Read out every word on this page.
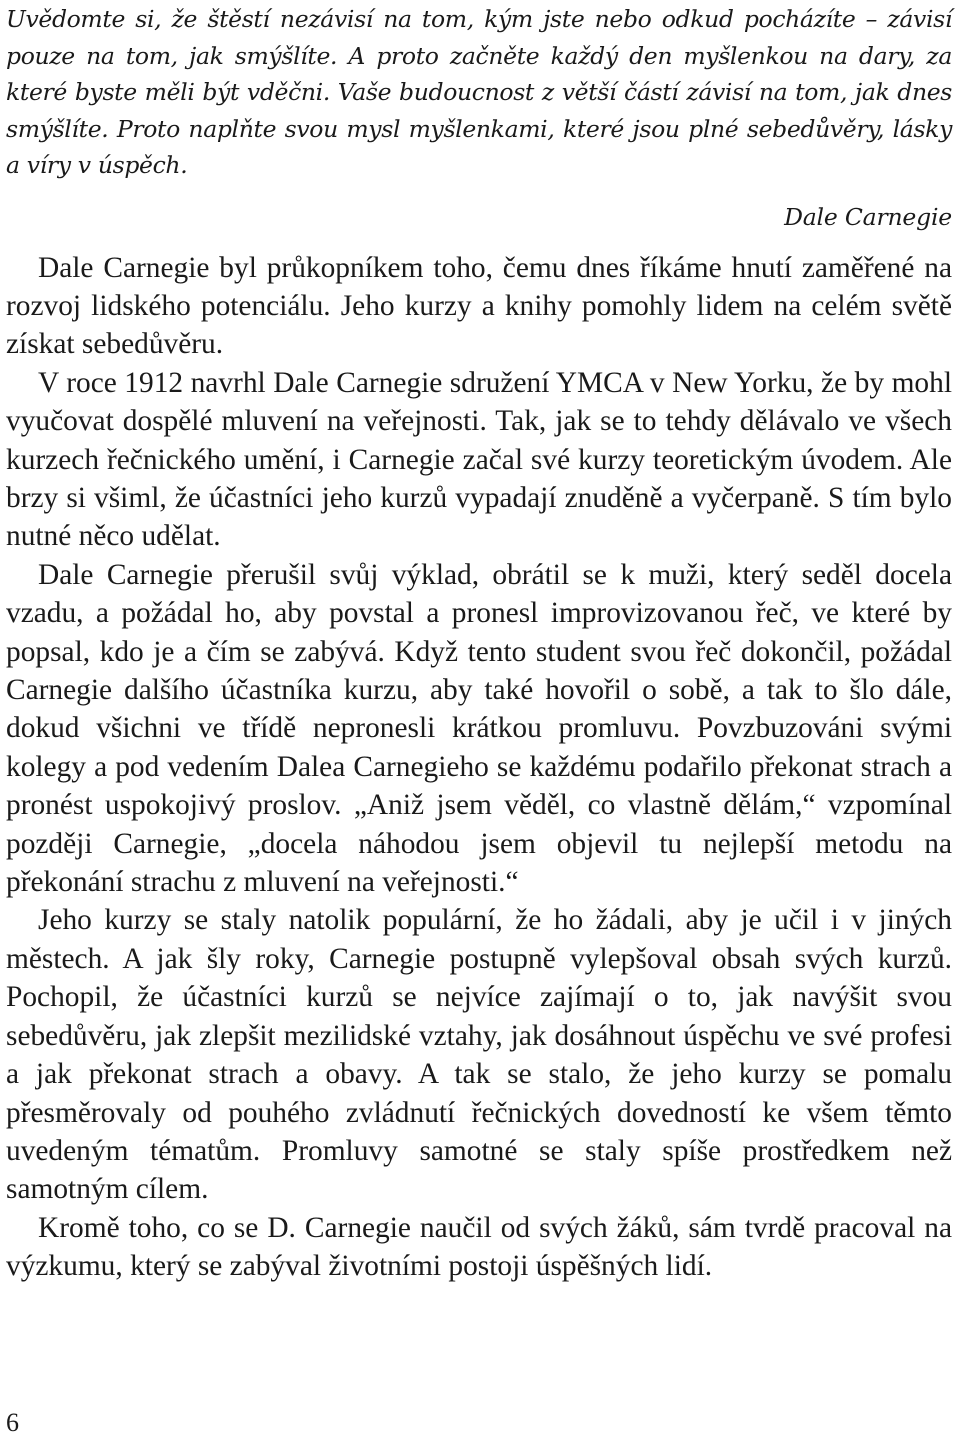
Uvědomte si, že štěstí nezávisí na tom, kým jste nebo odkud pocházíte – závisí pouze na tom, jak smýšlíte. A proto začněte každý den myšlenkou na dary, za které byste měli být vděčni. Vaše budoucnost z větší částí závisí na tom, jak dnes smýšlíte. Proto naplňte svou mysl myšlenkami, které jsou plné sebedůvěry, lásky a víry v úspěch.

Dale Carnegie

Dale Carnegie byl průkopníkem toho, čemu dnes říkáme hnutí zaměřené na rozvoj lidského potenciálu. Jeho kurzy a knihy pomohly lidem na celém světě získat sebedůvěru.

V roce 1912 navrhl Dale Carnegie sdružení YMCA v New Yorku, že by mohl vyučovat dospělé mluvení na veřejnosti. Tak, jak se to tehdy dělávalo ve všech kurzech řečnického umění, i Carnegie začal své kurzy teoretickým úvodem. Ale brzy si všiml, že účastníci jeho kurzů vypadají znuděně a vyčerpaně. S tím bylo nutné něco udělat.

Dale Carnegie přerušil svůj výklad, obrátil se k muži, který seděl docela vzadu, a požádal ho, aby povstal a pronesl improvizovanou řeč, ve které by popsal, kdo je a čím se zabývá. Když tento student svou řeč dokončil, požádal Carnegie dalšího účastníka kurzu, aby také hovořil o sobě, a tak to šlo dále, dokud všichni ve třídě nepronesli krátkou promluvu. Povzbuzováni svými kolegy a pod vedením Dalea Carnegieho se každému podařilo překonat strach a pronést uspokojivý proslov. „Aniž jsem věděl, co vlastně dělám,“ vzpomínal později Carnegie, „docela náhodou jsem objevil tu nejlepší metodu na překonání strachu z mluvení na veřejnosti.“

Jeho kurzy se staly natolik populární, že ho žádali, aby je učil i v jiných městech. A jak šly roky, Carnegie postupně vylepšoval obsah svých kurzů. Pochopil, že účastníci kurzů se nejvíce zajímají o to, jak navýšit svou sebedůvěru, jak zlepšit mezilidské vztahy, jak dosáhnout úspěchu ve své profesi a jak překonat strach a obavy. A tak se stalo, že jeho kurzy se pomalu přesměrovaly od pouhého zvládnutí řečnických dovedností ke všem těmto uvedeným tématům. Promluvy samotné se staly spíše prostředkem než samotným cílem.

Kromě toho, co se D. Carnegie naučil od svých žáků, sám tvrdě pracoval na výzkumu, který se zabýval životními postoji úspěšných lidí.

6
